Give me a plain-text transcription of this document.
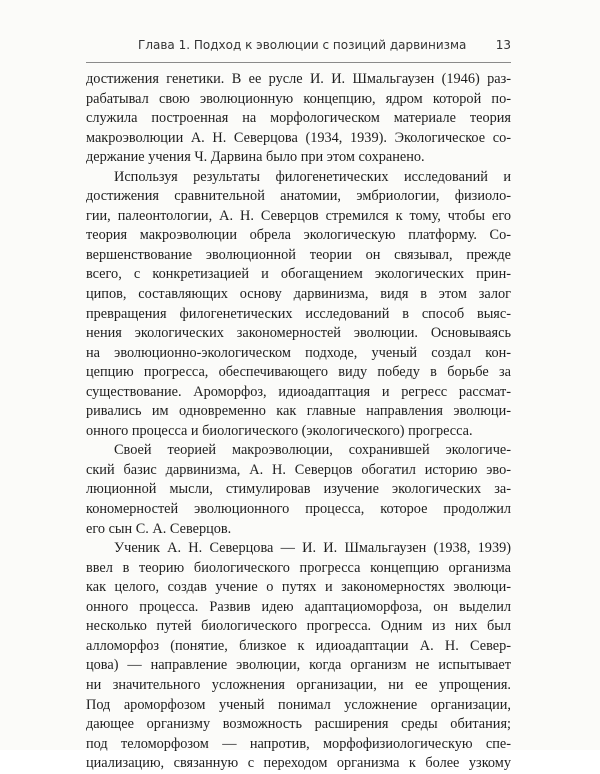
Глава 1. Подход к эволюции с позиций дарвинизма 13
достижения генетики. В ее русле И. И. Шмальгаузен (1946) раз-
рабатывал свою эволюционную концепцию, ядром которой по-
служила построенная на морфологическом материале теория
макроэволюции А. Н. Северцова (1934, 1939). Экологическое со-
держание учения Ч. Дарвина было при этом сохранено.
Используя результаты филогенетических исследований и
достижения сравнительной анатомии, эмбриологии, физиоло-
гии, палеонтологии, А. Н. Северцов стремился к тому, чтобы его
теория макроэволюции обрела экологическую платформу. Со-
вершенствование эволюционной теории он связывал, прежде
всего, с конкретизацией и обогащением экологических прин-
ципов, составляющих основу дарвинизма, видя в этом залог
превращения филогенетических исследований в способ выяс-
нения экологических закономерностей эволюции. Основываясь
на эволюционно-экологическом подходе, ученый создал кон-
цепцию прогресса, обеспечивающего виду победу в борьбе за
существование. Ароморфоз, идиоадаптация и регресс рассмат-
ривались им одновременно как главные направления эволюци-
онного процесса и биологического (экологического) прогресса.
Своей теорией макроэволюции, сохранившей экологиче-
ский базис дарвинизма, А. Н. Северцов обогатил историю эво-
люционной мысли, стимулировав изучение экологических за-
кономерностей эволюционного процесса, которое продолжил
его сын С. А. Северцов.
Ученик А. Н. Северцова — И. И. Шмальгаузен (1938, 1939)
ввел в теорию биологического прогресса концепцию организма
как целого, создав учение о путях и закономерностях эволюци-
онного процесса. Развив идею адаптациоморфоза, он выделил
несколько путей биологического прогресса. Одним из них был
алломорфоз (понятие, близкое к идиоадаптации А. Н. Север-
цова) — направление эволюции, когда организм не испытывает
ни значительного усложнения организации, ни ее упрощения.
Под ароморфозом ученый понимал усложнение организации,
дающее организму возможность расширения среды обитания;
под теломорфозом — напротив, морфофизиологическую спе-
циализацию, связанную с переходом организма к более узкому
